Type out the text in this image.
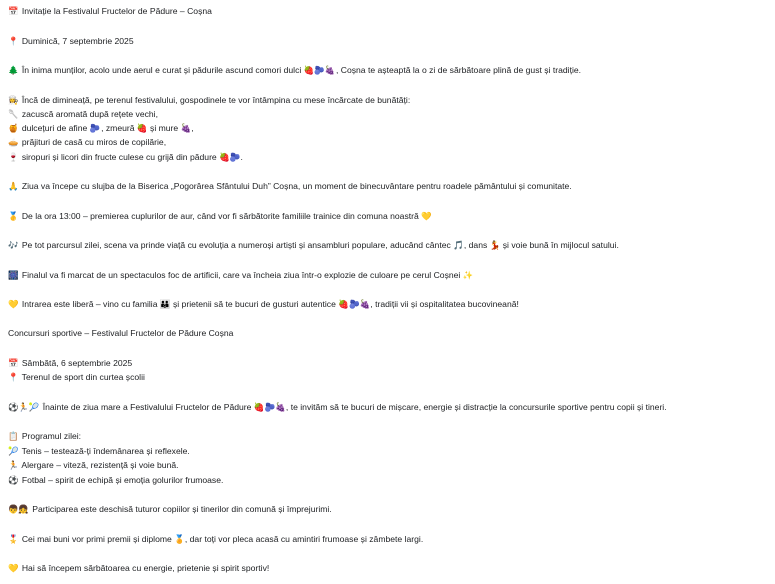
📅 Invitație la Festivalul Fructelor de Pădure – Coșna
📍 Duminică, 7 septembrie 2025
🌲 În inima munților, acolo unde aerul e curat și pădurile ascund comori dulci 🍓🫐🍇, Coșna te așteaptă la o zi de sărbătoare plină de gust și tradiție.
👩‍🍳 Încă de dimineață, pe terenul festivalului, gospodinele te vor întâmpina cu mese încărcate de bunătăți:
🥄 zacuscă aromată după rețete vechi,
🍯 dulcețuri de afine 🫐, zmeură 🍓 și mure 🍇,
🥧 prăjituri de casă cu miros de copilărie,
🍷 siropuri și licori din fructe culese cu grijă din pădure 🍓🫐.
🙏 Ziua va începe cu slujba de la Biserica „Pogorârea Sfântului Duh” Coșna, un moment de binecuvântare pentru roadele pământului și comunitate.
🥇 De la ora 13:00 – premierea cuplurilor de aur, când vor fi sărbătorite familiile trainice din comuna noastră 💛
🎶 Pe tot parcursul zilei, scena va prinde viață cu evoluția a numeroși artiști și ansambluri populare, aducând cântec 🎵, dans 💃 și voie bună în mijlocul satului.
🎆 Finalul va fi marcat de un spectaculos foc de artificii, care va încheia ziua într-o explozie de culoare pe cerul Coșnei ✨
💛 Intrarea este liberă – vino cu familia 👪 și prietenii să te bucuri de gusturi autentice 🍓🫐🍇, tradiții vii și ospitalitatea bucovineană!
Concursuri sportive – Festivalul Fructelor de Pădure Coșna
📅 Sâmbătă, 6 septembrie 2025
📍 Terenul de sport din curtea școlii
⚽🏃🎾 Înainte de ziua mare a Festivalului Fructelor de Pădure 🍓🫐🍇, te invităm să te bucuri de mișcare, energie și distracție la concursurile sportive pentru copii și tineri.
📋 Programul zilei:
🎾 Tenis – testează-ți îndemânarea și reflexele.
🏃 Alergare – viteză, rezistență și voie bună.
⚽ Fotbal – spirit de echipă și emoția golurilor frumoase.
👦👧 Participarea este deschisă tuturor copiilor și tinerilor din comună și împrejurimi.
🎖️ Cei mai buni vor primi premii și diplome 🏅, dar toți vor pleca acasă cu amintiri frumoase și zâmbete largi.
💛 Hai să începem sărbătoarea cu energie, prietenie și spirit sportiv!
